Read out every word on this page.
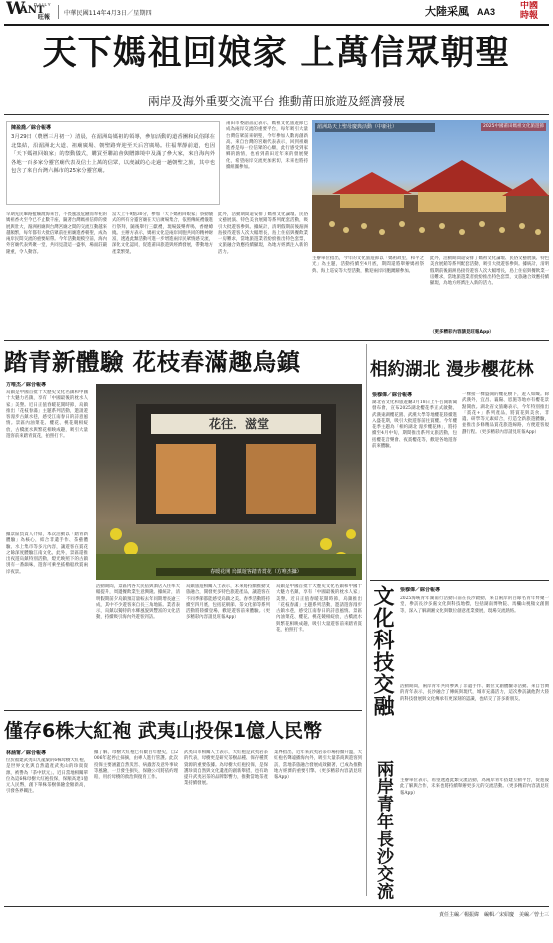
W
ANT
DAILY
旺報
中華民國114年4月3日／星期四	大陸采風 AA3
中國
時報
天下媽祖回娘家 上萬信眾朝聖
兩岸及海外重要交流平台 推動莆田旅遊及經濟發展
陳盈喬／綜合報導
3月29日（農曆三月初一）清晨，在湄洲島媽祖的領導，參加活動的道香團和民俗隊在北集結，沿湄洲北大道、祖廟廣場、朝聖路齊迎至天后宮廣場。往福華靜前道，也因「天下媽祖回娘家」的祭動儀式，購買至聯誼會與贈雜境中及滿了參大家，來自海內外各地一百多家分靈宮廟代表及信士上萬的信眾，以虔誠的心走過一趟朝聖之旅，其中也包含了來自台灣六縣市的25家分靈宮廟。
莆田市委副書記表示，媽祖文化旅遊節已成為兩岸交流的重要平台，每年吸引大量台灣信眾前來朝聖，今年參加人數再創新高。來自台灣的宮廟代表表示，回到祖廟進香是每一位信眾的心願，此行感受到家鄉的熱情，也看到莆田近年來的發展變化，希望兩岸交流更加密切，未來也將持續組團參加。
湄洲島天上聖母慶典活動（中新社）	2025中國莆田媽祖文化旅遊節
早期先民篳路藍縷渡海來台，不畏風浪危險而奉祀的媽祖香火至今已不止數千座，隨著台灣媽祖信仰的發展與壯大，湄洲祖廟與台灣宮廟之間的交流互動越來越頻繁，每年都有大批信眾前往祖廟進香朝聖，成為兩岸民間交流的重要紐帶。今年活動規模空前，海內外宮廟代表齊聚一堂，共同見證這一盛事，場面莊嚴隆重，令人動容。
當天上午9點30分，參加「天下媽祖回娘家」祭動儀式的所有分靈宮廟在天后廣場集合，依照傳統禮儀進行祭拜，隨後舉行三獻禮，現場鼓樂齊鳴，香煙繚繞。主辦方表示，媽祖文化是兩岸同胞共同的精神財富，透過此類活動可進一步增進兩岸民眾情感交流，深化文化認同，促進莆田旅遊與經濟發展，帶動地方產業繁榮。
此外，活動期間還安排了媽祖文化論壇、民俗文藝展演、特色美食展銷等系列配套活動，吸引大批遊客參與。據統計，清明假期前後湄洲島接待遊客人次大幅增長，島上住宿與餐飲業一房難求，當地旅遊業者紛紛推出特色套票，文旅融合效應持續顯現，為地方經濟注入新的活力。
主辦單位指出，今年的文化旅遊節以「媽祖故里，和平之光」為主題，活動持續至4月底，期間還將舉辦媽祖祭典、海上巡安等大型活動，歡迎兩岸同胞踴躍參加。
此外，活動期間還安排了媽祖文化論壇、民俗文藝展演、特色美食展銷等系列配套活動，吸引大批遊客參與。據統計，清明假期前後湄洲島接待遊客人次大幅增長，島上住宿與餐飲業一房難求，當地旅遊業者紛紛推出特色套票，文旅融合效應持續顯現，為地方經濟注入新的活力。
（更多精彩內容請見旺報App）
踏青新體驗 花枝春滿趣烏鎮
方唯杰／綜合報導
烏鎮是中國首批十大歷史文化名鎮和中國十大魅力名鎮，享有「中國最後的枕水人家」美譽。近日正值春暖花開時節，烏鎮推出「花枝春滿」主題系列活動，邀請遊客漫步古鎮水巷，感受江南春日的詩意風情。景區內油菜花、櫻花、桃花競相綻放，古橋流水與繁花相映成趣，吸引大量遊客前來踏青賞花，拍照打卡。
據景區負責人介紹，本次活動以「踏青新體驗」為核心，結合非遺手作、茶藝體驗、水上集市等多元內容，讓遊客在賞花之餘深度體驗江南文化。此外，景區還推出夜遊烏鎮特別活動，燈光映照下的古鎮別有一番韻味，遊客可乘坐搖櫓船欣賞兩岸夜景。
花往．滋堂
春暖花開 烏鎮遊客踏青賞花（方唯杰攝）
活動期間，景區內各大民宿與酒店入住率大幅提升，周邊餐飲業生意興隆。據統計，清明假期前夕烏鎮預訂量較去年同期增長逾三成，其中不少遊客來自長三角地區。業者表示，烏鎮以獨特的水鄉風貌與豐富的文化活動，持續吸引海內外遊客到訪。
烏鎮旅遊相關人士表示，未來將持續推動文旅融合，開發更多特色旅遊產品，讓遊客在不同季節都能感受烏鎮之美。春季活動將持續至四月底，包括花朝節、茶文化節等系列活動將陸續登場，歡迎遊客前來體驗。（更多精彩內容請見旺報App）
烏鎮是中國首批十大歷史文化名鎮和中國十大魅力名鎮，享有「中國最後的枕水人家」美譽。近日正值春暖花開時節，烏鎮推出「花枝春滿」主題系列活動，邀請遊客漫步古鎮水巷，感受江南春日的詩意風情。景區內油菜花、櫻花、桃花競相綻放，古橋流水與繁花相映成趣，吸引大量遊客前來踏青賞花，拍照打卡。
相約湖北 漫步櫻花林
張穆偉／綜合報導
湖北省文化和旅遊廳3月18日上午召開新聞發布會，宣布2025湖北櫻花季正式啟動。武漢東湖櫻花園、武漢大學等地櫻花陸續進入盛花期，吸引大批遊客前往賞櫻。今年櫻花季主題為「相約湖北 漫步櫻花林」，將持續至4月中旬，期間推出系列文旅活動，包括櫻花音樂會、夜賞櫻花等，歡迎各地遊客前來體驗。
一棵接一棵盛開的櫻花樹下，遊人如織。除武漢外，宜昌、襄陽、恩施等地亦有櫻花景點開放。湖北省文旅廳表示，今年特別推出「賞花+」系列產品，將賞花與美食、非遺、研學等元素結合，打造全新旅遊體驗，並推出多條精品賞花旅遊線路，方便遊客規劃行程。（更多精彩內容請見旺報App）
文化科技交融
兩岸青年長沙交流
張穆偉／綜合報導
2025海峽青年湖南行活動日前在長沙啟動，來自兩岸的百餘名青年齊聚一堂，參訪長沙多處文化與科技地標，包括湖南博物院、馬欄山視頻文創園等，深入了解湖湘文化與數位創意產業發展，現場交流熱絡。
活動期間，兩岸青年共同參與了非遺手作、數位文創體驗等活動。來自台灣的青年表示，長沙融合了傳統與現代，城市充滿活力，這次參訪讓他對大陸的科技發展與文化傳承有更深刻的認識，也結交了許多新朋友。
主辦單位表示，希望透過此類交流活動，為兩岸青年搭建互動平台，促進彼此了解與合作，未來也將持續舉辦更多元的交流活動。（更多精彩內容請見旺報App）
僅存6株大紅袍 武夷山投保1億人民幣
林涵甯／綜合報導
位於福建武夷山九龍窠的6株母樹大紅袍，是世界文化與自然遺產武夷山的珍貴資源，被譽為「茶中狀元」。近日當地相關單位為這6株母樹大紅袍投保，保額高達1億元人民幣，創下單株茶樹保險金額新高，引發各界關注。
據了解，母樹大紅袍已有數百年歷史，自2006年起停止採摘，由專人進行管護。此次投保主要涵蓋自然災害、病蟲害及意外事故等風險，一旦發生損失，保險公司將依約理賠，用於母樹的救治與復育工作。
武夷山市相關人士表示，大紅袍是武夷岩茶的代表，母樹更是研究茶樹品種、保存種質資源的重要依據。為母樹大紅袍投保，是保護珍貴自然與文化遺產的創新舉措，也有助提升武夷岩茶的品牌影響力，推動當地茶產業持續發展。
業界指出，近年來武夷岩茶市場持續升溫，大紅袍名聲遠播海內外，吸引大量茶商與遊客到訪，當地茶旅融合發展成效顯著，已成為推動地方經濟的重要引擎。（更多精彩內容請見旺報App）
責任主編／楊振緯　編輯／宋紹慶　美編／曾士三
